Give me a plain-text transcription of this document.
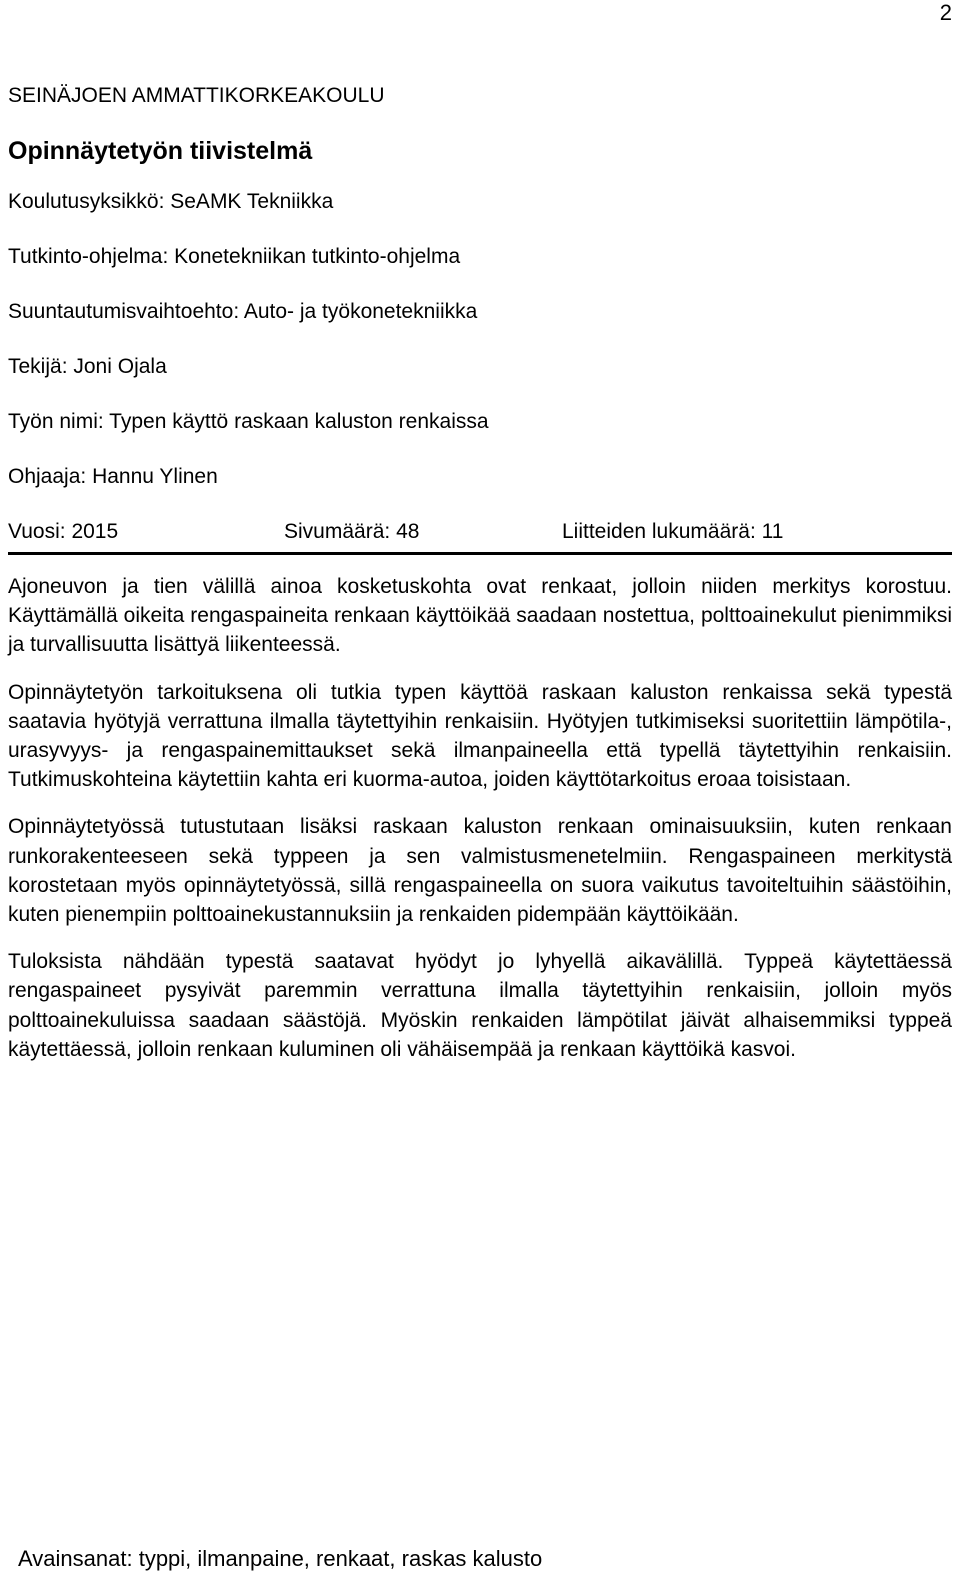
2
SEINÄJOEN AMMATTIKORKEAKOULU
Opinnäytetyön tiivistelmä
Koulutusyksikkö: SeAMK Tekniikka
Tutkinto-ohjelma: Konetekniikan tutkinto-ohjelma
Suuntautumisvaihtoehto: Auto- ja työkonetekniikka
Tekijä: Joni Ojala
Työn nimi: Typen käyttö raskaan kaluston renkaissa
Ohjaaja: Hannu Ylinen
Vuosi: 2015	Sivumäärä: 48	Liitteiden lukumäärä: 11

Ajoneuvon ja tien välillä ainoa kosketuskohta ovat renkaat, jolloin niiden merkitys korostuu. Käyttämällä oikeita rengaspaineita renkaan käyttöikää saadaan nostettua, polttoainekulut pienimmiksi ja turvallisuutta lisättyä liikenteessä.

Opinnäytetyön tarkoituksena oli tutkia typen käyttöä raskaan kaluston renkaissa sekä typestä saatavia hyötyjä verrattuna ilmalla täytettyihin renkaisiin. Hyötyjen tutkimiseksi suoritettiin lämpötila-, urasyvyys- ja rengaspainemittaukset sekä ilmanpaineella että typellä täytettyihin renkaisiin. Tutkimuskohteina käytettiin kahta eri kuorma-autoa, joiden käyttötarkoitus eroaa toisistaan.

Opinnäytetyössä tutustutaan lisäksi raskaan kaluston renkaan ominaisuuksiin, kuten renkaan runkorakenteeseen sekä typpeen ja sen valmistusmenetelmiin. Rengaspaineen merkitystä korostetaan myös opinnäytetyössä, sillä rengaspaineella on suora vaikutus tavoiteltuihin säästöihin, kuten pienempiin polttoainekustannuksiin ja renkaiden pidempään käyttöikään.

Tuloksista nähdään typestä saatavat hyödyt jo lyhyellä aikavälillä. Typpeä käytettäessä rengaspaineet pysyivät paremmin verrattuna ilmalla täytettyihin renkaisiin, jolloin myös polttoainekuluissa saadaan säästöjä. Myöskin renkaiden lämpötilat jäivät alhaisemmiksi typpeä käytettäessä, jolloin renkaan kuluminen oli vähäisempää ja renkaan käyttöikä kasvoi.

Avainsanat: typpi, ilmanpaine, renkaat, raskas kalusto
